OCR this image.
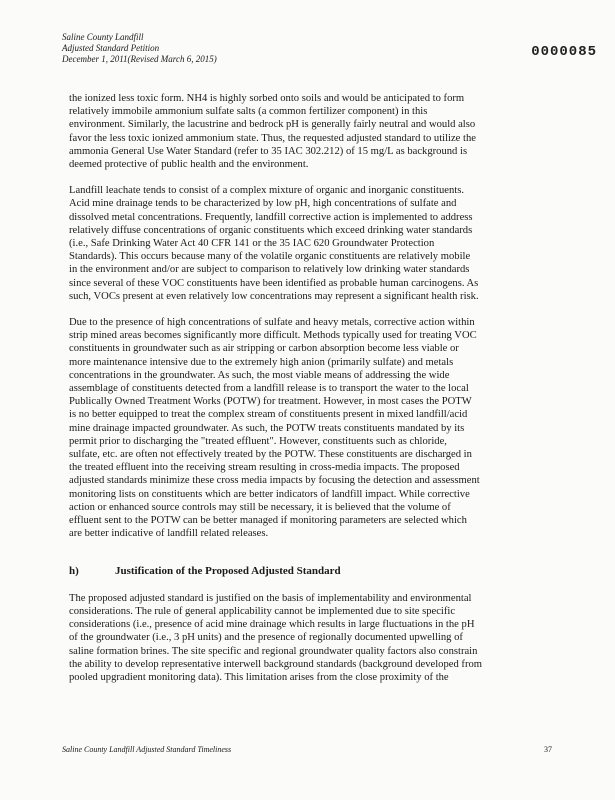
Saline County Landfill
Adjusted Standard Petition
December 1, 2011(Revised March 6, 2015)	0000085

the ionized less toxic form. NH4 is highly sorbed onto soils and would be anticipated to form
relatively immobile ammonium sulfate salts (a common fertilizer component) in this
environment. Similarly, the lacustrine and bedrock pH is generally fairly neutral and would also
favor the less toxic ionized ammonium state. Thus, the requested adjusted standard to utilize the
ammonia General Use Water Standard (refer to 35 IAC 302.212) of 15 mg/L as background is
deemed protective of public health and the environment.

Landfill leachate tends to consist of a complex mixture of organic and inorganic constituents.
Acid mine drainage tends to be characterized by low pH, high concentrations of sulfate and
dissolved metal concentrations. Frequently, landfill corrective action is implemented to address
relatively diffuse concentrations of organic constituents which exceed drinking water standards
(i.e., Safe Drinking Water Act 40 CFR 141 or the 35 IAC 620 Groundwater Protection
Standards). This occurs because many of the volatile organic constituents are relatively mobile
in the environment and/or are subject to comparison to relatively low drinking water standards
since several of these VOC constituents have been identified as probable human carcinogens. As
such, VOCs present at even relatively low concentrations may represent a significant health risk.

Due to the presence of high concentrations of sulfate and heavy metals, corrective action within
strip mined areas becomes significantly more difficult. Methods typically used for treating VOC
constituents in groundwater such as air stripping or carbon absorption become less viable or
more maintenance intensive due to the extremely high anion (primarily sulfate) and metals
concentrations in the groundwater. As such, the most viable means of addressing the wide
assemblage of constituents detected from a landfill release is to transport the water to the local
Publically Owned Treatment Works (POTW) for treatment. However, in most cases the POTW
is no better equipped to treat the complex stream of constituents present in mixed landfill/acid
mine drainage impacted groundwater. As such, the POTW treats constituents mandated by its
permit prior to discharging the "treated effluent". However, constituents such as chloride,
sulfate, etc. are often not effectively treated by the POTW. These constituents are discharged in
the treated effluent into the receiving stream resulting in cross-media impacts. The proposed
adjusted standards minimize these cross media impacts by focusing the detection and assessment
monitoring lists on constituents which are better indicators of landfill impact. While corrective
action or enhanced source controls may still be necessary, it is believed that the volume of
effluent sent to the POTW can be better managed if monitoring parameters are selected which
are better indicative of landfill related releases.

h)	Justification of the Proposed Adjusted Standard

The proposed adjusted standard is justified on the basis of implementability and environmental
considerations. The rule of general applicability cannot be implemented due to site specific
considerations (i.e., presence of acid mine drainage which results in large fluctuations in the pH
of the groundwater (i.e., 3 pH units) and the presence of regionally documented upwelling of
saline formation brines. The site specific and regional groundwater quality factors also constrain
the ability to develop representative interwell background standards (background developed from
pooled upgradient monitoring data). This limitation arises from the close proximity of the

Saline County Landfill Adjusted Standard Timeliness	37
